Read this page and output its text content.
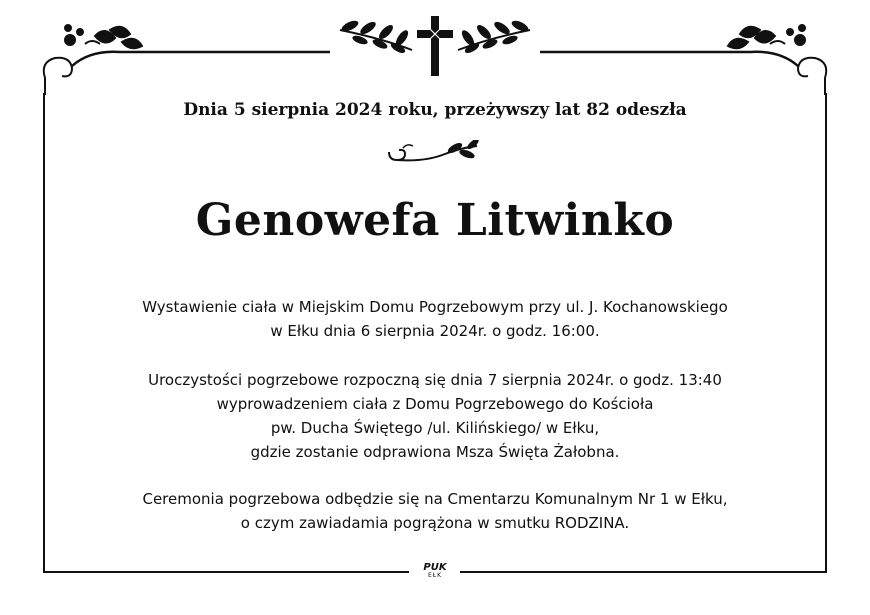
Dnia 5 sierpnia 2024 roku, przeżywszy lat 82 odeszła
Genowefa Litwinko
Wystawienie ciała w Miejskim Domu Pogrzebowym przy ul. J. Kochanowskiego
w Ełku dnia 6 sierpnia 2024r. o godz. 16:00.
Uroczystości pogrzebowe rozpoczną się dnia 7 sierpnia 2024r. o godz. 13:40
wyprowadzeniem ciała z Domu Pogrzebowego do Kościoła
pw. Ducha Świętego /ul. Kilińskiego/ w Ełku,
gdzie zostanie odprawiona Msza Święta Żałobna.
Ceremonia pogrzebowa odbędzie się na Cmentarzu Komunalnym Nr 1 w Ełku,
o czym zawiadamia pogrążona w smutku RODZINA.
PUK
EŁK
